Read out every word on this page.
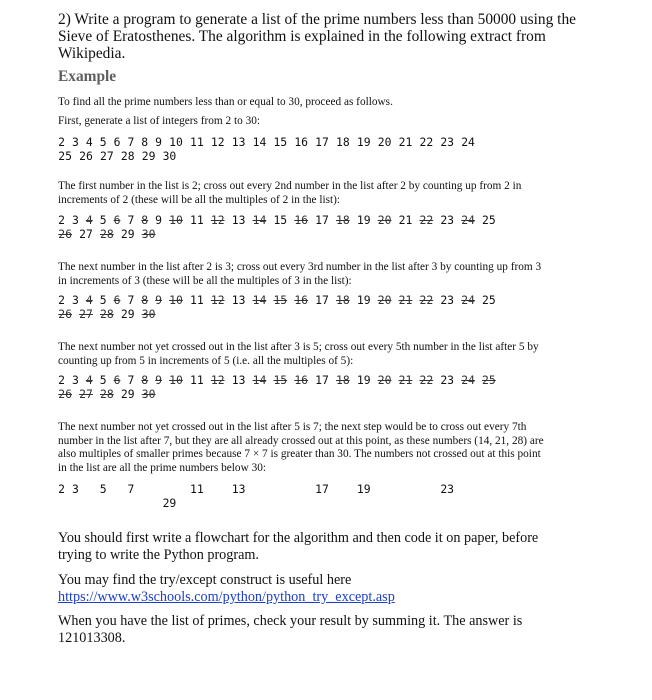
2) Write a program to generate a list of the prime numbers less than 50000 using the
Sieve of Eratosthenes. The algorithm is explained in the following extract from
Wikipedia.
Example
To find all the prime numbers less than or equal to 30, proceed as follows.
First, generate a list of integers from 2 to 30:
2 3 4 5 6 7 8 9 10 11 12 13 14 15 16 17 18 19 20 21 22 23 24
25 26 27 28 29 30
The first number in the list is 2; cross out every 2nd number in the list after 2 by counting up from 2 in
increments of 2 (these will be all the multiples of 2 in the list):
2 3 4 5 6 7 8 9 10 11 12 13 14 15 16 17 18 19 20 21 22 23 24 25
26 27 28 29 30
The next number in the list after 2 is 3; cross out every 3rd number in the list after 3 by counting up from 3
in increments of 3 (these will be all the multiples of 3 in the list):
2 3 4 5 6 7 8 9 10 11 12 13 14 15 16 17 18 19 20 21 22 23 24 25
26 27 28 29 30
The next number not yet crossed out in the list after 3 is 5; cross out every 5th number in the list after 5 by
counting up from 5 in increments of 5 (i.e. all the multiples of 5):
2 3 4 5 6 7 8 9 10 11 12 13 14 15 16 17 18 19 20 21 22 23 24 25
26 27 28 29 30
The next number not yet crossed out in the list after 5 is 7; the next step would be to cross out every 7th
number in the list after 7, but they are all already crossed out at this point, as these numbers (14, 21, 28) are
also multiples of smaller primes because 7 × 7 is greater than 30. The numbers not crossed out at this point
in the list are all the prime numbers below 30:
2 3 5 7	11 13	17 19	23
29
You should first write a flowchart for the algorithm and then code it on paper, before
trying to write the Python program.
You may find the try/except construct is useful here
https://www.w3schools.com/python/python_try_except.asp
When you have the list of primes, check your result by summing it. The answer is
121013308.
